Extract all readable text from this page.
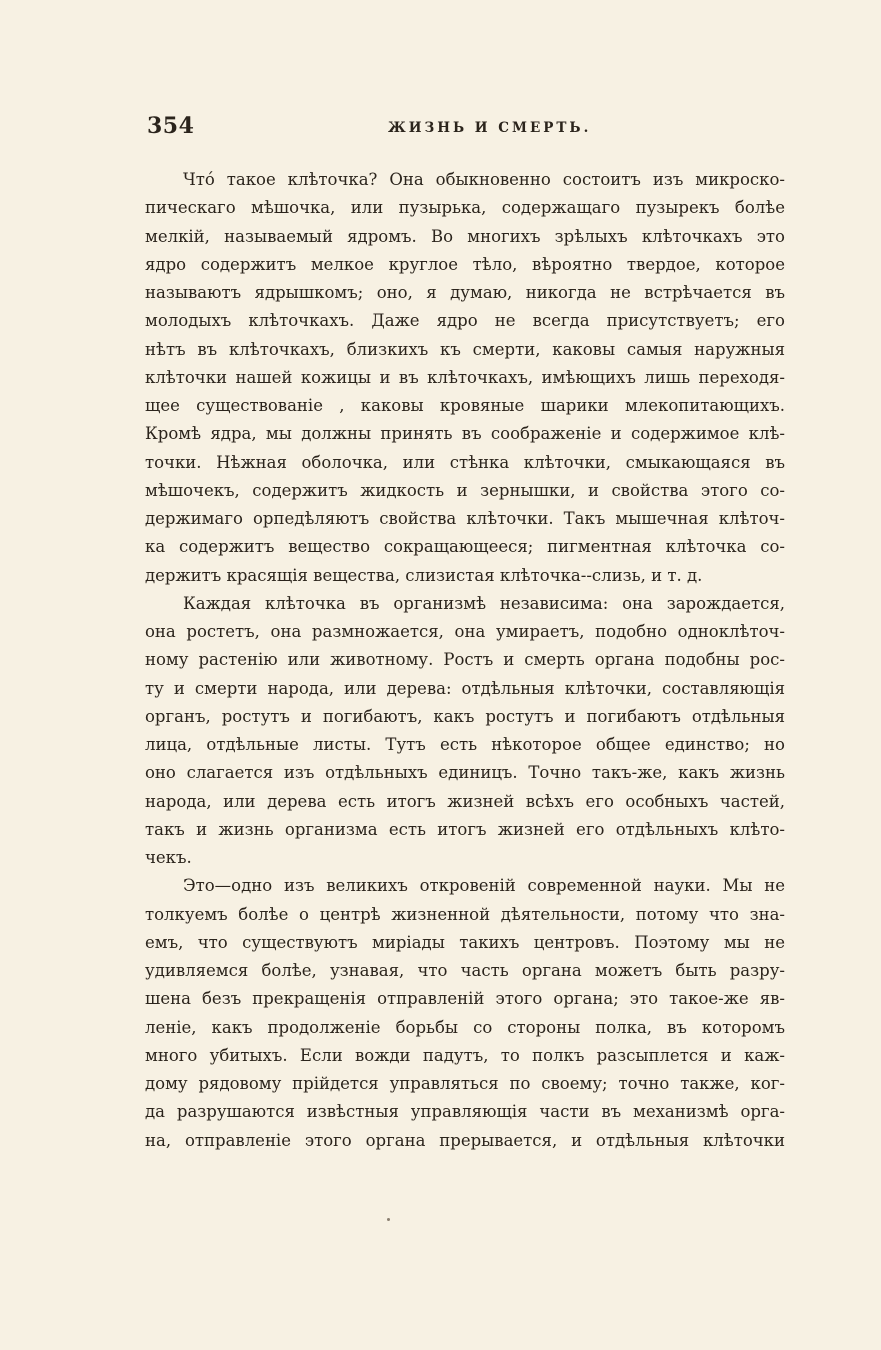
354	ЖИЗНЬ И СМЕРТЬ.
Чтó такое клѣточка? Она обыкновенно состоитъ изъ микроско-
пическаго мѣшочка, или пузырька, содержащаго пузырекъ болѣе
мелкій, называемый ядромъ. Во многихъ зрѣлыхъ клѣточкахъ это
ядро содержитъ мелкое круглое тѣло, вѣроятно твердое, которое
называютъ ядрышкомъ; оно, я думаю, никогда не встрѣчается въ
молодыхъ клѣточкахъ. Даже ядро не всегда присутствуетъ; его
нѣтъ въ клѣточкахъ, близкихъ къ смерти, каковы самыя наружныя
клѣточки нашей кожицы и въ клѣточкахъ, имѣющихъ лишь переходя-
щее существованіе , каковы кровяные шарики млекопитающихъ.
Кромѣ ядра, мы должны принять въ соображеніе и содержимое клѣ-
точки. Нѣжная оболочка, или стѣнка клѣточки, смыкающаяся въ
мѣшочекъ, содержитъ жидкость и зернышки, и свойства этого со-
держимаго орпедѣляютъ свойства клѣточки. Такъ мышечная клѣточ-
ка содержитъ вещество сокращающееся; пигментная клѣточка со-
держитъ красящія вещества, слизистая клѣточка--слизь, и т. д.
Каждая клѣточка въ организмѣ независима: она зарождается,
она ростетъ, она размножается, она умираетъ, подобно одноклѣточ-
ному растенію или животному. Ростъ и смерть органа подобны рос-
ту и смерти народа, или дерева: отдѣльныя клѣточки, составляющія
органъ, ростутъ и погибаютъ, какъ ростутъ и погибаютъ отдѣльныя
лица, отдѣльные листы. Тутъ есть нѣкоторое общее единство; но
оно слагается изъ отдѣльныхъ единицъ. Точно такъ-же, какъ жизнь
народа, или дерева есть итогъ жизней всѣхъ его особныхъ частей,
такъ и жизнь организма есть итогъ жизней его отдѣльныхъ клѣто-
чекъ.
Это—одно изъ великихъ откровеній современной науки. Мы не
толкуемъ болѣе о центрѣ жизненной дѣятельности, потому что зна-
емъ, что существуютъ миріады такихъ центровъ. Поэтому мы не
удивляемся болѣе, узнавая, что часть органа можетъ быть разру-
шена безъ прекращенія отправленій этого органа; это такое-же яв-
леніе, какъ продолженіе борьбы со стороны полка, въ которомъ
много убитыхъ. Если вожди падутъ, то полкъ разсыплется и каж-
дому рядовому прійдется управляться по своему; точно также, ког-
да разрушаются извѣстныя управляющія части въ механизмѣ орга-
на, отправленіе этого органа прерывается, и отдѣльныя клѣточки
